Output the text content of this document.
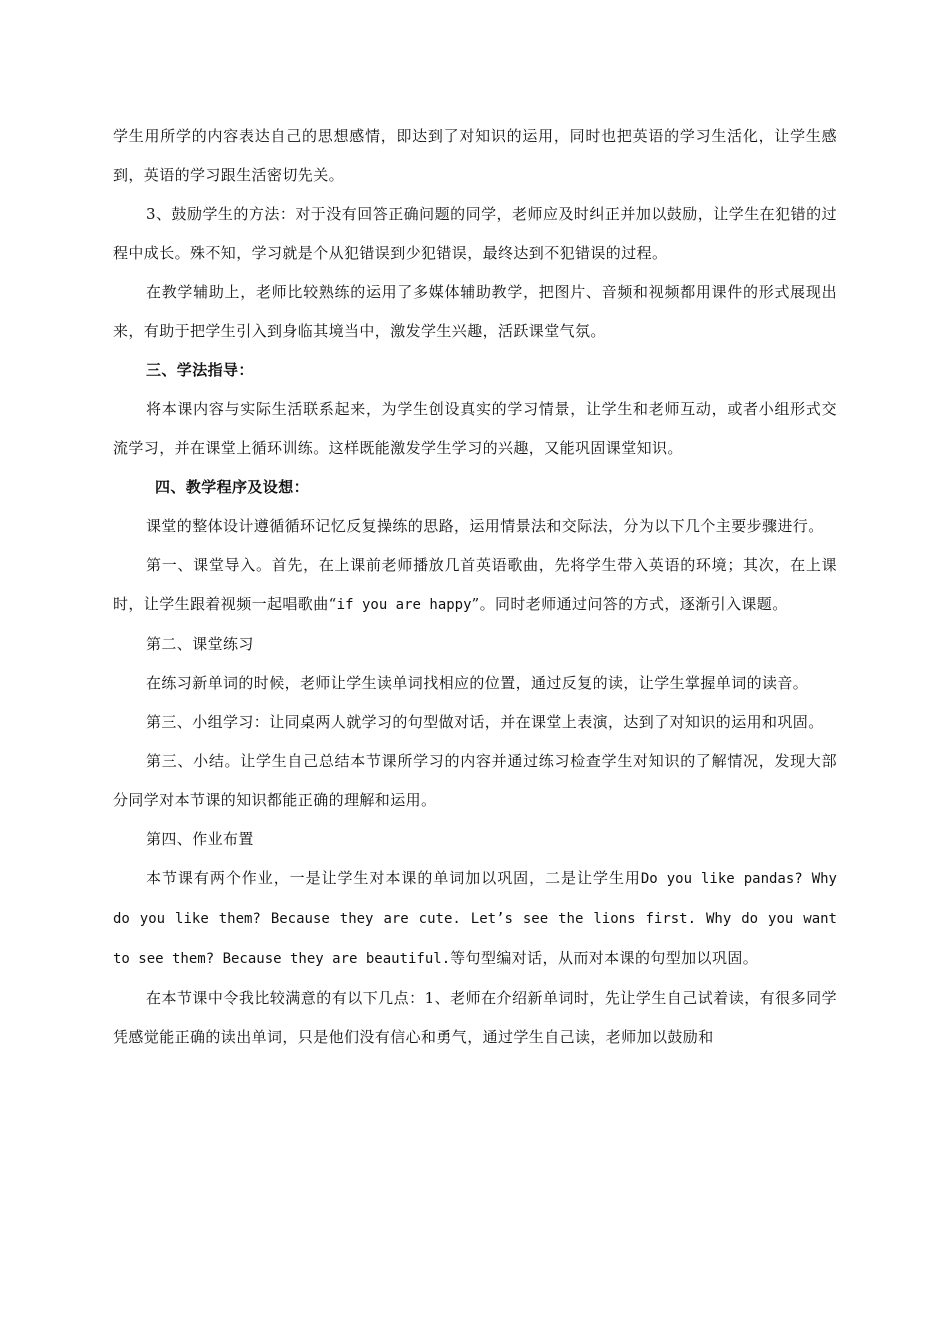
学生用所学的内容表达自己的思想感情，即达到了对知识的运用，同时也把英语的学习生活化，让学生感到，英语的学习跟生活密切先关。

3、鼓励学生的方法：对于没有回答正确问题的同学，老师应及时纠正并加以鼓励，让学生在犯错的过程中成长。殊不知，学习就是个从犯错误到少犯错误，最终达到不犯错误的过程。

在教学辅助上，老师比较熟练的运用了多媒体辅助教学，把图片、音频和视频都用课件的形式展现出来，有助于把学生引入到身临其境当中，激发学生兴趣，活跃课堂气氛。

三、学法指导：

将本课内容与实际生活联系起来，为学生创设真实的学习情景，让学生和老师互动，或者小组形式交流学习，并在课堂上循环训练。这样既能激发学生学习的兴趣，又能巩固课堂知识。

四、教学程序及设想：

课堂的整体设计遵循循环记忆反复操练的思路，运用情景法和交际法，分为以下几个主要步骤进行。

第一、课堂导入。首先，在上课前老师播放几首英语歌曲，先将学生带入英语的环境；其次，在上课时，让学生跟着视频一起唱歌曲“if you are happy”。同时老师通过问答的方式，逐渐引入课题。

第二、课堂练习

在练习新单词的时候，老师让学生读单词找相应的位置，通过反复的读，让学生掌握单词的读音。

第三、小组学习：让同桌两人就学习的句型做对话，并在课堂上表演，达到了对知识的运用和巩固。

第三、小结。让学生自己总结本节课所学习的内容并通过练习检查学生对知识的了解情况，发现大部分同学对本节课的知识都能正确的理解和运用。

第四、作业布置

本节课有两个作业，一是让学生对本课的单词加以巩固，二是让学生用Do you like pandas? Why do you like them? Because they are cute. Let’s see the lions first. Why do you want to see them? Because they are beautiful.等句型编对话，从而对本课的句型加以巩固。

在本节课中令我比较满意的有以下几点：1、老师在介绍新单词时，先让学生自己试着读，有很多同学凭感觉能正确的读出单词，只是他们没有信心和勇气，通过学生自己读，老师加以鼓励和
